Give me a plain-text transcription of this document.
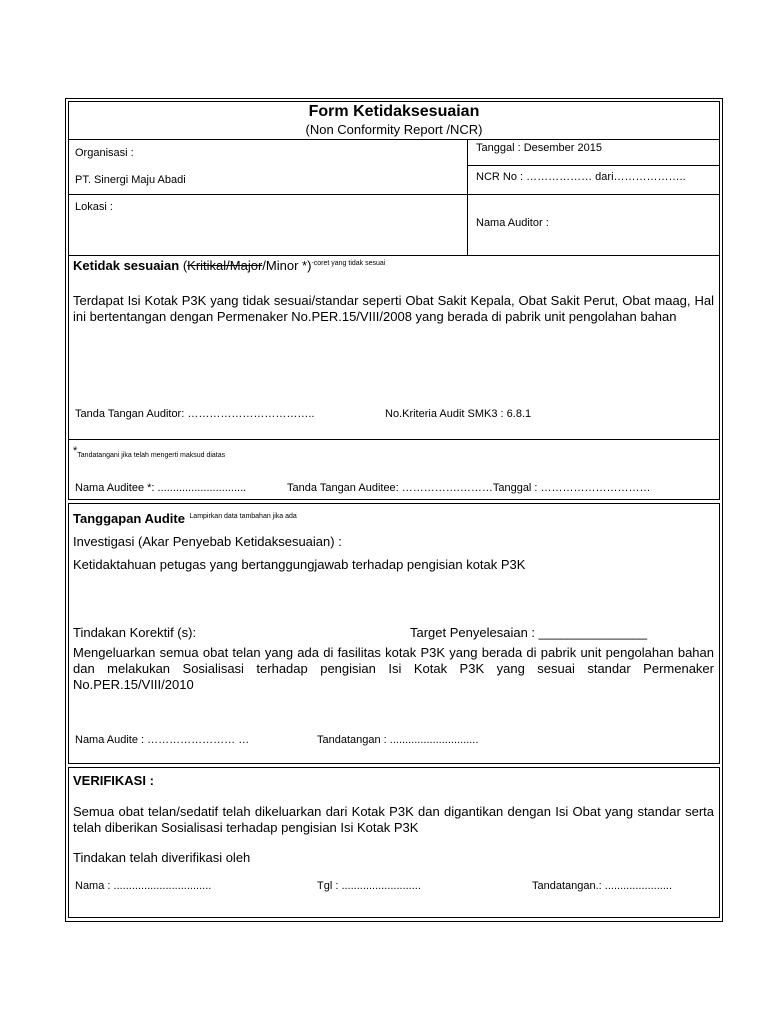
Form Ketidaksesuaian
(Non Conformity Report /NCR)
Organisasi :
PT. Sinergi Maju Abadi
Tanggal : Desember 2015
NCR No : ……………… dari………………..
Lokasi :
Nama Auditor :
Ketidak sesuaian (Kritikal/Major/Minor *)$^{-coret yang tidak sesuai}$
Terdapat Isi Kotak P3K yang tidak sesuai/standar seperti Obat Sakit Kepala, Obat Sakit Perut, Obat maag, Hal ini bertentangan dengan Permenaker No.PER.15/VIII/2008 yang berada di pabrik unit pengolahan bahan
Tanda Tangan Auditor: ……………………………..	No.Kriteria Audit SMK3 : 6.8.1
*Tandatangani jika telah mengerti maksud diatas
Nama Auditee *: .............................	Tanda Tangan Auditee: …………….………Tanggal : …………………………
Tanggapan Audite $^{Lampirkan data tambahan jika ada}$
Investigasi (Akar Penyebab Ketidaksesuaian) :
Ketidaktahuan petugas yang bertanggungjawab terhadap pengisian kotak P3K
Tindakan Korektif (s):	Target Penyelesaian : _______________
Mengeluarkan semua obat telan yang ada di fasilitas kotak P3K yang berada di pabrik unit pengolahan bahan dan melakukan Sosialisasi terhadap pengisian Isi Kotak P3K yang sesuai standar Permenaker No.PER.15/VIII/2010
Nama Audite : …………………… …	Tandatangan : .............................
VERIFIKASI :
Semua obat telan/sedatif telah dikeluarkan dari Kotak P3K dan digantikan dengan Isi Obat yang standar serta telah diberikan Sosialisasi terhadap pengisian Isi Kotak P3K
Tindakan telah diverifikasi oleh
Nama : ................................	Tgl : ..........................	Tandatangan.: ......................
